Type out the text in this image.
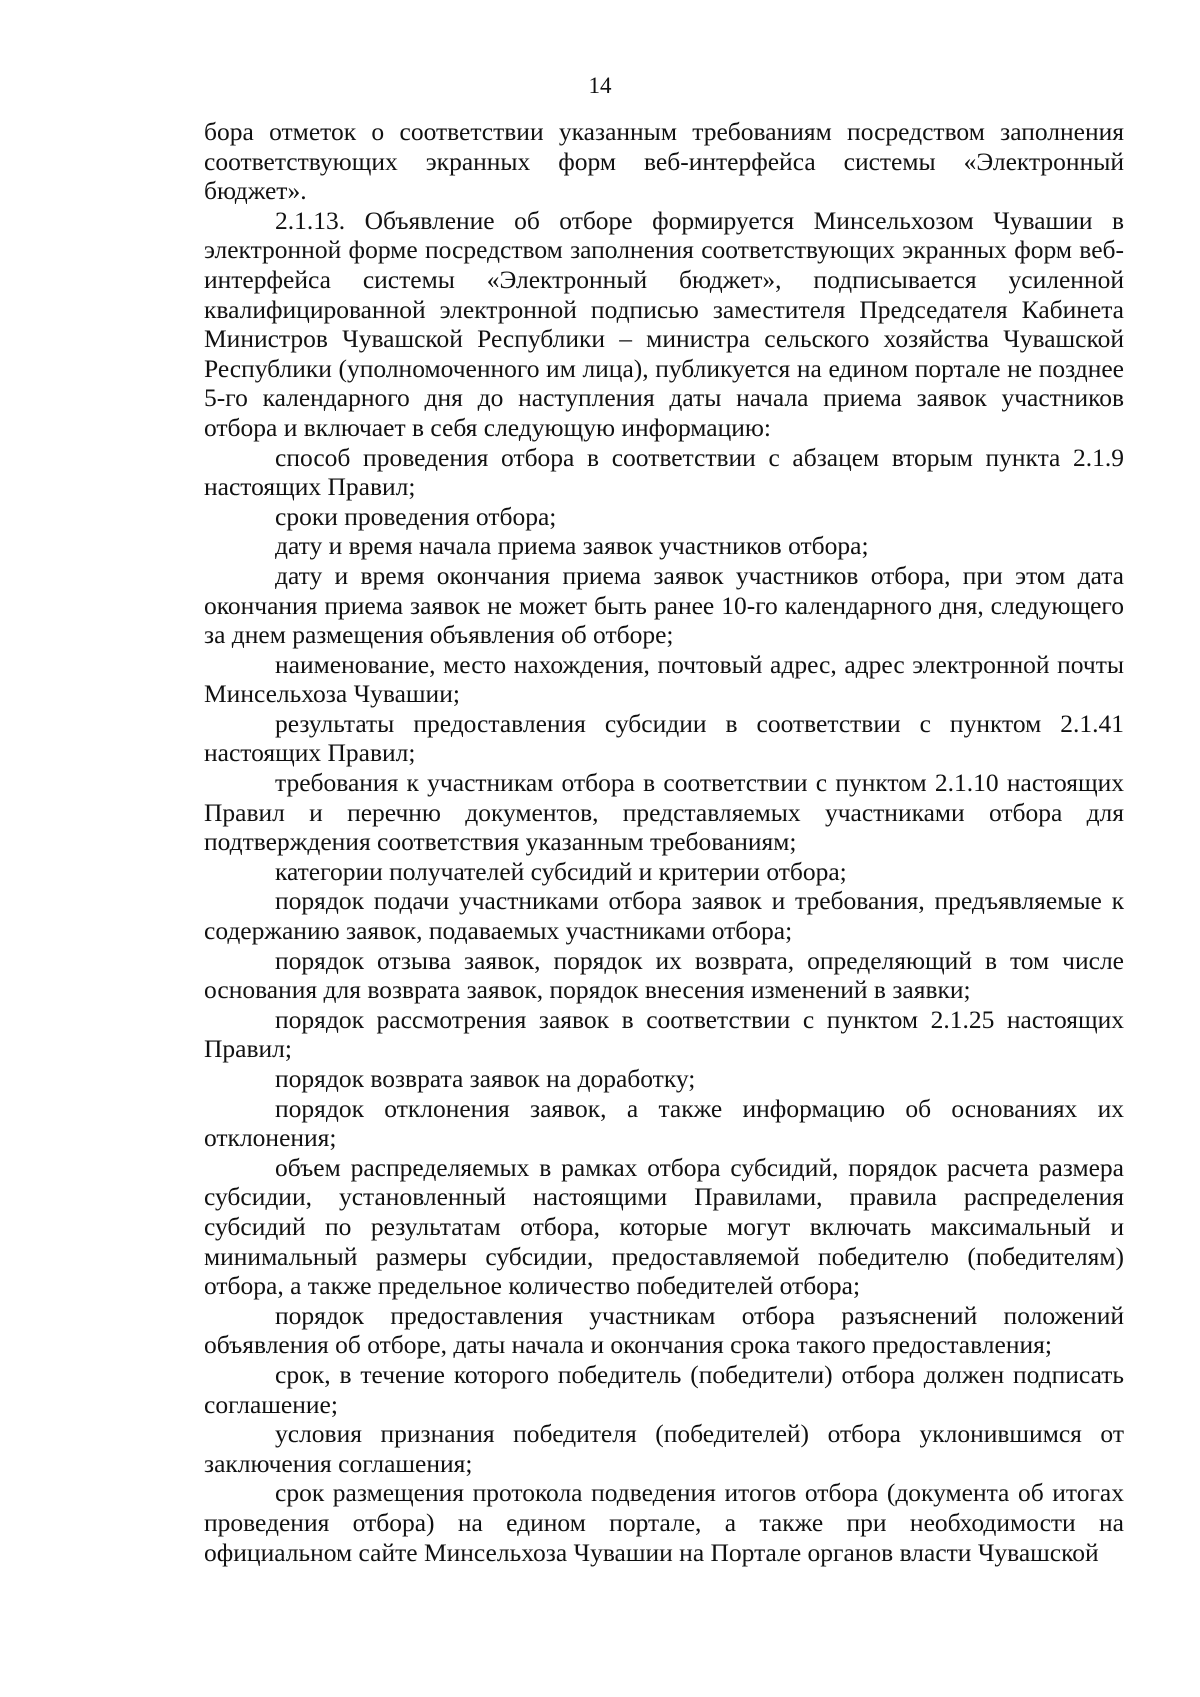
14

бора отметок о соответствии указанным требованиям посредством заполнения соответствующих экранных форм веб-интерфейса системы «Электронный бюджет».

2.1.13. Объявление об отборе формируется Минсельхозом Чувашии в электронной форме посредством заполнения соответствующих экранных форм веб-интерфейса системы «Электронный бюджет», подписывается усиленной квалифицированной электронной подписью заместителя Председателя Кабинета Министров Чувашской Республики – министра сельского хозяйства Чувашской Республики (уполномоченного им лица), публикуется на едином портале не позднее 5-го календарного дня до наступления даты начала приема заявок участников отбора и включает в себя следующую информацию:

способ проведения отбора в соответствии с абзацем вторым пункта 2.1.9 настоящих Правил;

сроки проведения отбора;

дату и время начала приема заявок участников отбора;

дату и время окончания приема заявок участников отбора, при этом дата окончания приема заявок не может быть ранее 10-го календарного дня, следующего за днем размещения объявления об отборе;

наименование, место нахождения, почтовый адрес, адрес электронной почты Минсельхоза Чувашии;

результаты предоставления субсидии в соответствии с пунктом 2.1.41 настоящих Правил;

требования к участникам отбора в соответствии с пунктом 2.1.10 настоящих Правил и перечню документов, представляемых участниками отбора для подтверждения соответствия указанным требованиям;

категории получателей субсидий и критерии отбора;

порядок подачи участниками отбора заявок и требования, предъявляемые к содержанию заявок, подаваемых участниками отбора;

порядок отзыва заявок, порядок их возврата, определяющий в том числе основания для возврата заявок, порядок внесения изменений в заявки;

порядок рассмотрения заявок в соответствии с пунктом 2.1.25 настоящих Правил;

порядок возврата заявок на доработку;

порядок отклонения заявок, а также информацию об основаниях их отклонения;

объем распределяемых в рамках отбора субсидий, порядок расчета размера субсидии, установленный настоящими Правилами, правила распределения субсидий по результатам отбора, которые могут включать максимальный и минимальный размеры субсидии, предоставляемой победителю (победителям) отбора, а также предельное количество победителей отбора;

порядок предоставления участникам отбора разъяснений положений объявления об отборе, даты начала и окончания срока такого предоставления;

срок, в течение которого победитель (победители) отбора должен подписать соглашение;

условия признания победителя (победителей) отбора уклонившимся от заключения соглашения;

срок размещения протокола подведения итогов отбора (документа об итогах проведения отбора) на едином портале, а также при необходимости на официальном сайте Минсельхоза Чувашии на Портале органов власти Чувашской
